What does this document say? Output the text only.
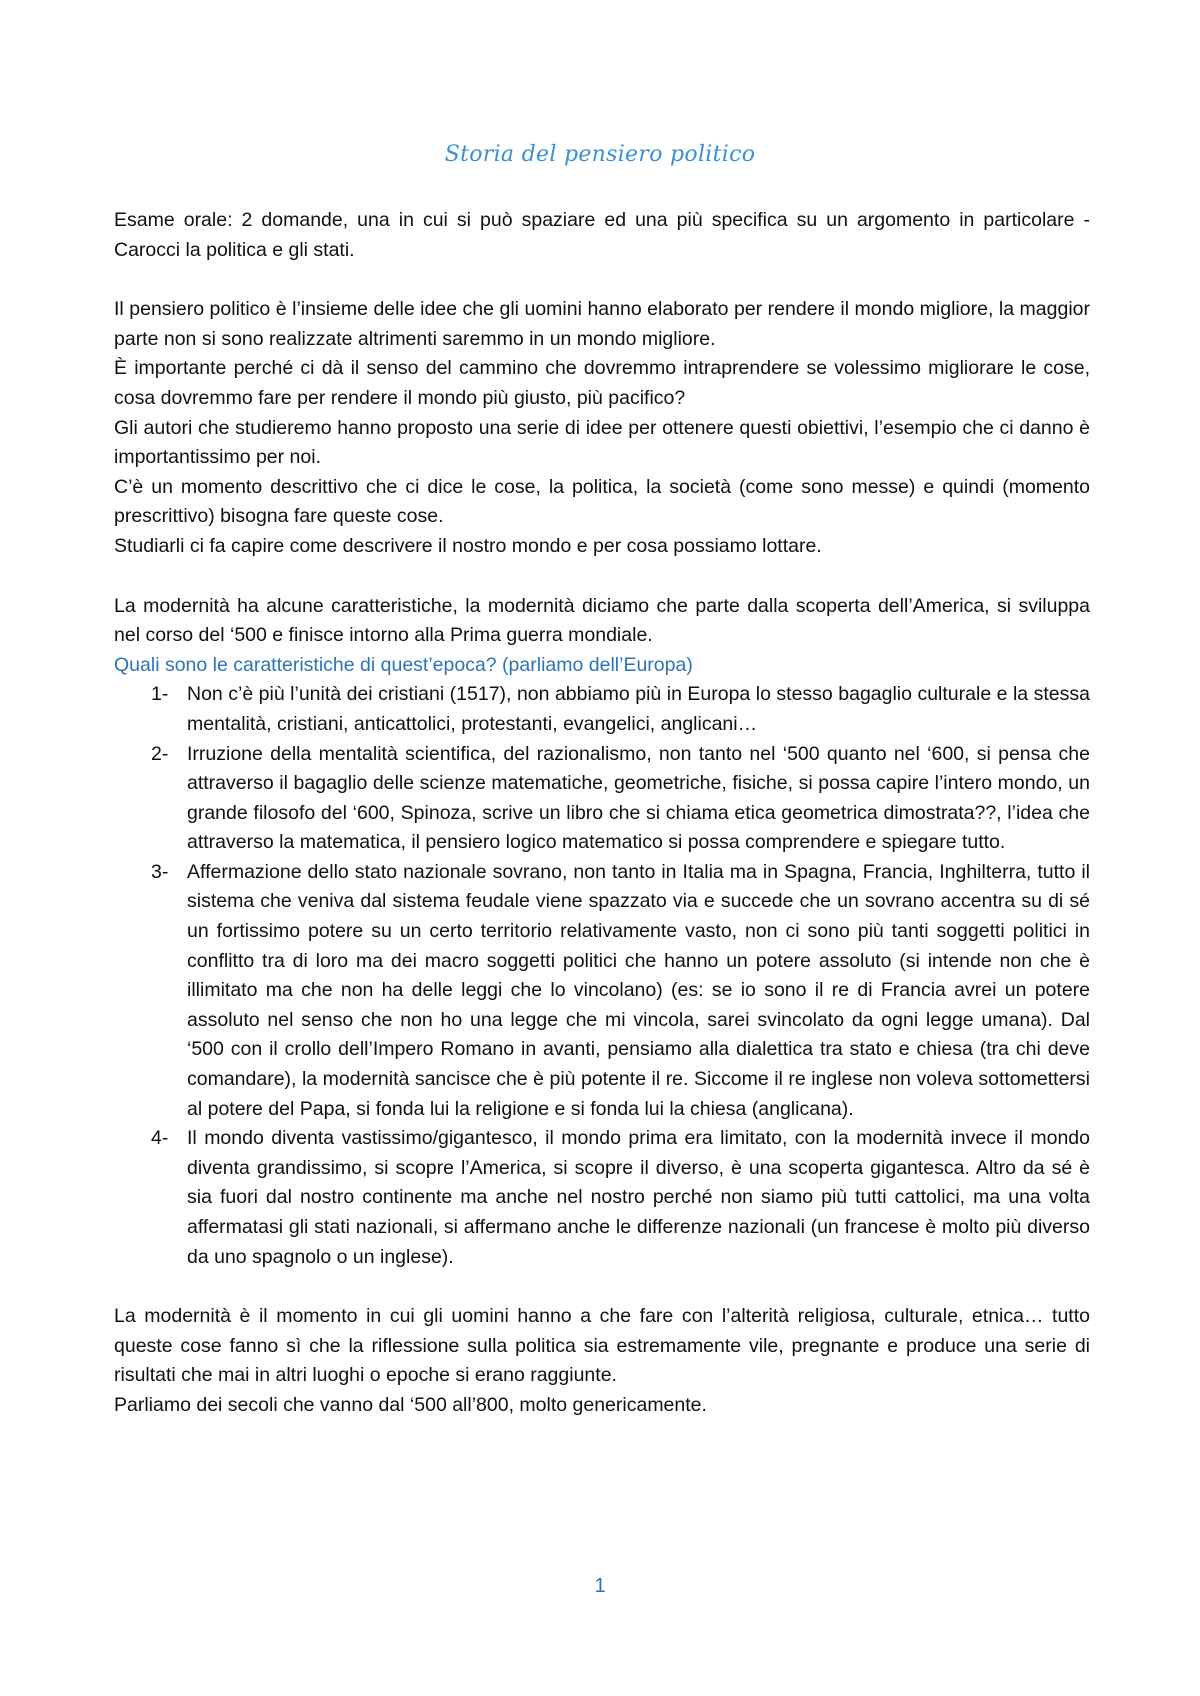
Storia del pensiero politico

Esame orale: 2 domande, una in cui si può spaziare ed una più specifica su un argomento in particolare - Carocci la politica e gli stati.

Il pensiero politico è l’insieme delle idee che gli uomini hanno elaborato per rendere il mondo migliore, la maggior parte non si sono realizzate altrimenti saremmo in un mondo migliore.

È importante perché ci dà il senso del cammino che dovremmo intraprendere se volessimo migliorare le cose, cosa dovremmo fare per rendere il mondo più giusto, più pacifico?

Gli autori che studieremo hanno proposto una serie di idee per ottenere questi obiettivi, l’esempio che ci danno è importantissimo per noi.

C’è un momento descrittivo che ci dice le cose, la politica, la società (come sono messe) e quindi (momento prescrittivo) bisogna fare queste cose.

Studiarli ci fa capire come descrivere il nostro mondo e per cosa possiamo lottare.

La modernità ha alcune caratteristiche, la modernità diciamo che parte dalla scoperta dell’America, si sviluppa nel corso del ‘500 e finisce intorno alla Prima guerra mondiale.

Quali sono le caratteristiche di quest’epoca? (parliamo dell’Europa)

1- Non c’è più l’unità dei cristiani (1517), non abbiamo più in Europa lo stesso bagaglio culturale e la stessa mentalità, cristiani, anticattolici, protestanti, evangelici, anglicani…
2- Irruzione della mentalità scientifica, del razionalismo, non tanto nel ‘500 quanto nel ‘600, si pensa che attraverso il bagaglio delle scienze matematiche, geometriche, fisiche, si possa capire l’intero mondo, un grande filosofo del ‘600, Spinoza, scrive un libro che si chiama etica geometrica dimostrata??, l’idea che attraverso la matematica, il pensiero logico matematico si possa comprendere e spiegare tutto.
3- Affermazione dello stato nazionale sovrano, non tanto in Italia ma in Spagna, Francia, Inghilterra, tutto il sistema che veniva dal sistema feudale viene spazzato via e succede che un sovrano accentra su di sé un fortissimo potere su un certo territorio relativamente vasto, non ci sono più tanti soggetti politici in conflitto tra di loro ma dei macro soggetti politici che hanno un potere assoluto (si intende non che è illimitato ma che non ha delle leggi che lo vincolano) (es: se io sono il re di Francia avrei un potere assoluto nel senso che non ho una legge che mi vincola, sarei svincolato da ogni legge umana). Dal ‘500 con il crollo dell’Impero Romano in avanti, pensiamo alla dialettica tra stato e chiesa (tra chi deve comandare), la modernità sancisce che è più potente il re. Siccome il re inglese non voleva sottomettersi al potere del Papa, si fonda lui la religione e si fonda lui la chiesa (anglicana).
4- Il mondo diventa vastissimo/gigantesco, il mondo prima era limitato, con la modernità invece il mondo diventa grandissimo, si scopre l’America, si scopre il diverso, è una scoperta gigantesca. Altro da sé è sia fuori dal nostro continente ma anche nel nostro perché non siamo più tutti cattolici, ma una volta affermatasi gli stati nazionali, si affermano anche le differenze nazionali (un francese è molto più diverso da uno spagnolo o un inglese).

La modernità è il momento in cui gli uomini hanno a che fare con l’alterità religiosa, culturale, etnica… tutto queste cose fanno sì che la riflessione sulla politica sia estremamente vile, pregnante e produce una serie di risultati che mai in altri luoghi o epoche si erano raggiunte.

Parliamo dei secoli che vanno dal ‘500 all’800, molto genericamente.

1
